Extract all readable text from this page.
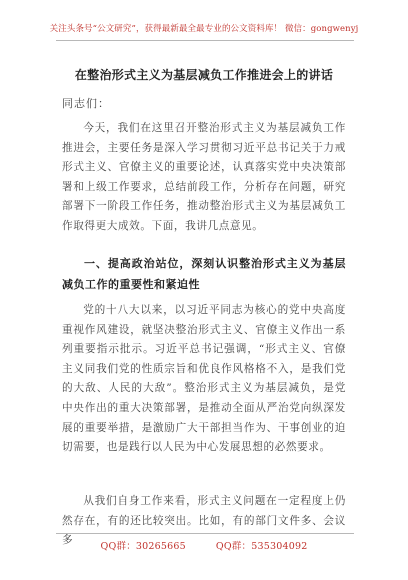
关注头条号“公文研究”，获得最新最全最专业的公文资料库！ 微信：gongwenyj
在整治形式主义为基层减负工作推进会上的讲话
同志们：
今天，我们在这里召开整治形式主义为基层减负工作推进会，主要任务是深入学习贯彻习近平总书记关于力戒形式主义、官僚主义的重要论述，认真落实党中央决策部署和上级工作要求，总结前段工作，分析存在问题，研究部署下一阶段工作任务，推动整治形式主义为基层减负工作取得更大成效。下面，我讲几点意见。
一、提高政治站位，深刻认识整治形式主义为基层减负工作的重要性和紧迫性
党的十八大以来，以习近平同志为核心的党中央高度重视作风建设，就坚决整治形式主义、官僚主义作出一系列重要指示批示。习近平总书记强调，“形式主义、官僚主义同我们党的性质宗旨和优良作风格格不入，是我们党的大敌、人民的大敌”。整治形式主义为基层减负，是党中央作出的重大决策部署，是推动全面从严治党向纵深发展的重要举措，是激励广大干部担当作为、干事创业的迫切需要，也是践行以人民为中心发展思想的必然要求。
从我们自身工作来看，形式主义问题在一定程度上仍然存在，有的还比较突出。比如，有的部门文件多、会议多
QQ群：30265665	QQ群：535304092
